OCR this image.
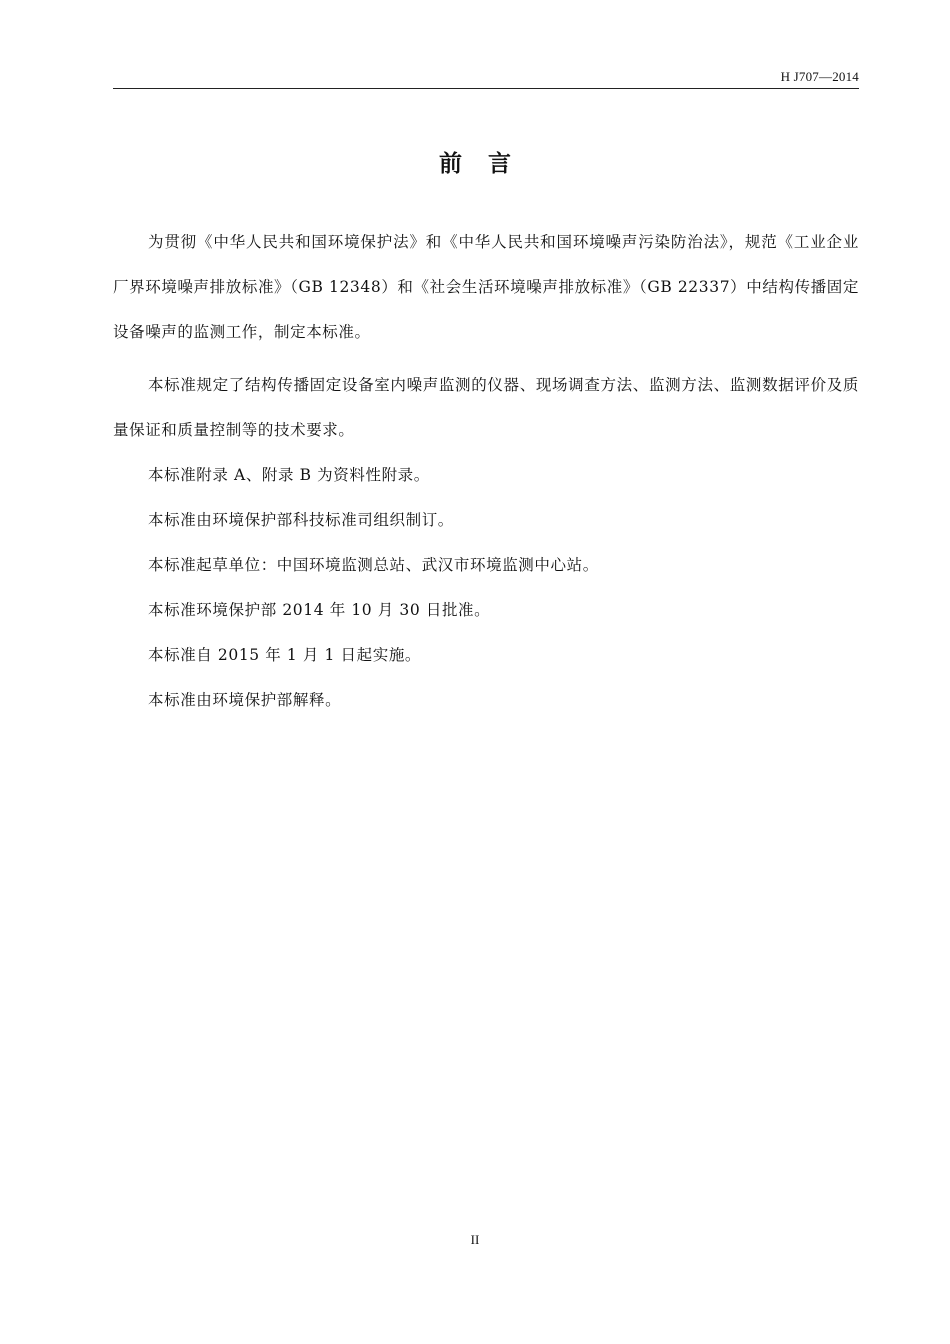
H J707—2014
前言

为贯彻《中华人民共和国环境保护法》和《中华人民共和国环境噪声污染防治法》，规范《工业企业厂界环境噪声排放标准》（GB 12348）和《社会生活环境噪声排放标准》（GB 22337）中结构传播固定设备噪声的监测工作，制定本标准。

本标准规定了结构传播固定设备室内噪声监测的仪器、现场调查方法、监测方法、监测数据评价及质量保证和质量控制等的技术要求。

本标准附录 A、附录 B 为资料性附录。

本标准由环境保护部科技标准司组织制订。

本标准起草单位：中国环境监测总站、武汉市环境监测中心站。

本标准环境保护部 2014 年 10 月 30 日批准。

本标准自 2015 年 1 月 1 日起实施。

本标准由环境保护部解释。

II
